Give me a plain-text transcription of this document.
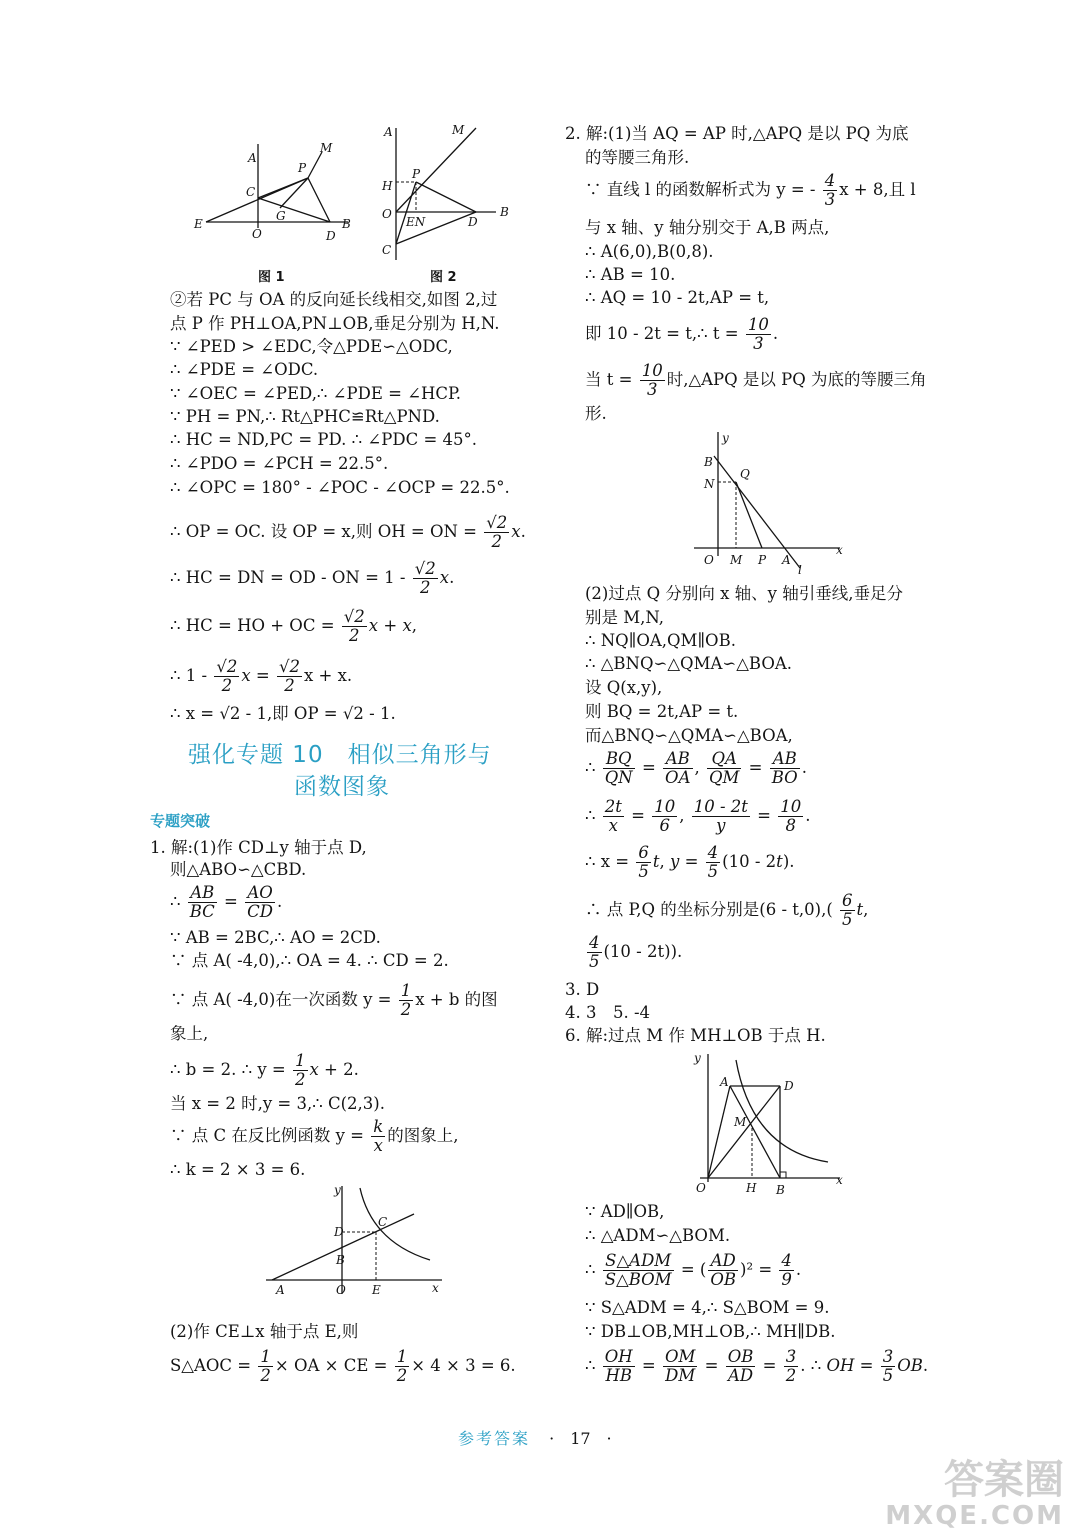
A
C
E
O
G
P
M
B
D
图 1
A	M
P
H
O
EN	D
B
C
图 2
②若 PC 与 OA 的反向延长线相交,如图 2,过
点 P 作 PH⊥OA,PN⊥OB,垂足分别为 H,N.
∵ ∠PED > ∠EDC,令△PDE∽△ODC,
∴ ∠PDE = ∠ODC.
∵ ∠OEC = ∠PED,∴ ∠PDE = ∠HCP.
∵ PH = PN,∴ Rt△PHC≌Rt△PND.
∴ HC = ND,PC = PD. ∴ ∠PDC = 45°.
∴ ∠PDO = ∠PCH = 22.5°.
∴ ∠OPC = 180° - ∠POC - ∠OCP = 22.5°.
∴ OP = OC. 设 OP = x,则 OH = ON = $\frac{√2}{2} x$.
∴ HC = DN = OD - ON = $1 - \frac{√2}{2} x$.
∴ HC = HO + OC = $\frac{√2}{2}$ x + x,
∴ $1 - \frac{√2}{2}$ $x = \frac{√2}{2}$ x + x.
∴ x = √2 - 1,即 OP = √2 - 1.
强化专题 10　相似三角形与
函数图象
专题突破
1. 解:(1)作 CD⊥y 轴于点 D,
则△ABO∽△CBD.
∴ $\frac{AB}{BC} = \frac{AO}{CD}$ .
∵ AB = 2BC,∴ AO = 2CD.
∵ 点 A( -4,0),∴ OA = 4. ∴ CD = 2.
∵ 点 A( -4,0)在一次函数 $y = \frac{1}{2}$ x + b 的图
象上,
∴ b = 2. ∴ $y = \frac{1}{2}$ x + 2.
当 x = 2 时,y = 3,∴ C(2,3).
∵ 点 C 在反比例函数 $y = \frac{k}{x}$ 的图象上,
∴ k = 2 × 3 = 6.
y
D
C
B
A	O E	x
(2)作 CE⊥x 轴于点 E,则
S△AOC = $\frac{1}{2}$ × OA × CE = $\frac{1}{2} \times 4 \times 3 = 6$.
2. 解:(1)当 AQ = AP 时,△APQ 是以 PQ 为底
的等腰三角形.
∵ 直线 l 的函数解析式为 y = - $\frac{4}{3}$ x + 8,且 l
与 x 轴、y 轴分别交于 A,B 两点,
∴ A(6,0),B(0,8).
∴ AB = 10.
∴ AQ = 10 - 2t,AP = t,
即 10 - 2t = t,∴ $t = \frac{10}{3}$ .
当 $t = \frac{10}{3}$ 时,△APQ 是以 PQ 为底的等腰三角
形.
y
B
Q
N
O M P A
l
x
(2)过点 Q 分别向 x 轴、y 轴引垂线,垂足分
别是 M,N,
∴ NQ∥OA,QM∥OB.
∴ △BNQ∽△QMA∽△BOA.
设 Q(x,y),
则 BQ = 2t,AP = t.
而△BNQ∽△QMA∽△BOA,
∴ $\frac{BQ}{QN} = \frac{AB}{OA}$ , $\frac{QA}{QM} = \frac{AB}{BO}$ .
∴ $\frac{2t}{x} = \frac{10}{6}$ , $\frac{10 - 2t}{y} = \frac{10}{8}$ .
∴ $x = \frac{6}{5} t$, $y = \frac{4}{5} (10 - 2t)$.
∴ 点 P,Q 的坐标分别是$(6 - t,0),( \frac{6}{5} t$,
$\frac{4}{5} (10 - 2t)$).
3. D
4. 3　5. -4
6. 解:过点 M 作 MH⊥OB 于点 H.
y
A	D
M
O	H B
x
∵ AD∥OB,
∴ △ADM∽△BOM.
∴ $\frac{\text{S△ADM}}{\text{S△BOM}}$ = ( $\frac{AD}{OB} )^2 = \frac{4}{9}$ .
∵ S△ADM = 4,∴ S△BOM = 9.
∵ DB⊥OB,MH⊥OB,∴ MH∥DB.
∴ $\frac{OH}{HB} = \frac{OM}{DM} = \frac{OB}{AD} = \frac{3}{2}$ . ∴ OH = $\frac{3}{5}$ OB.
参考答案 ·　17　·
答案圈
MXQE.COM
